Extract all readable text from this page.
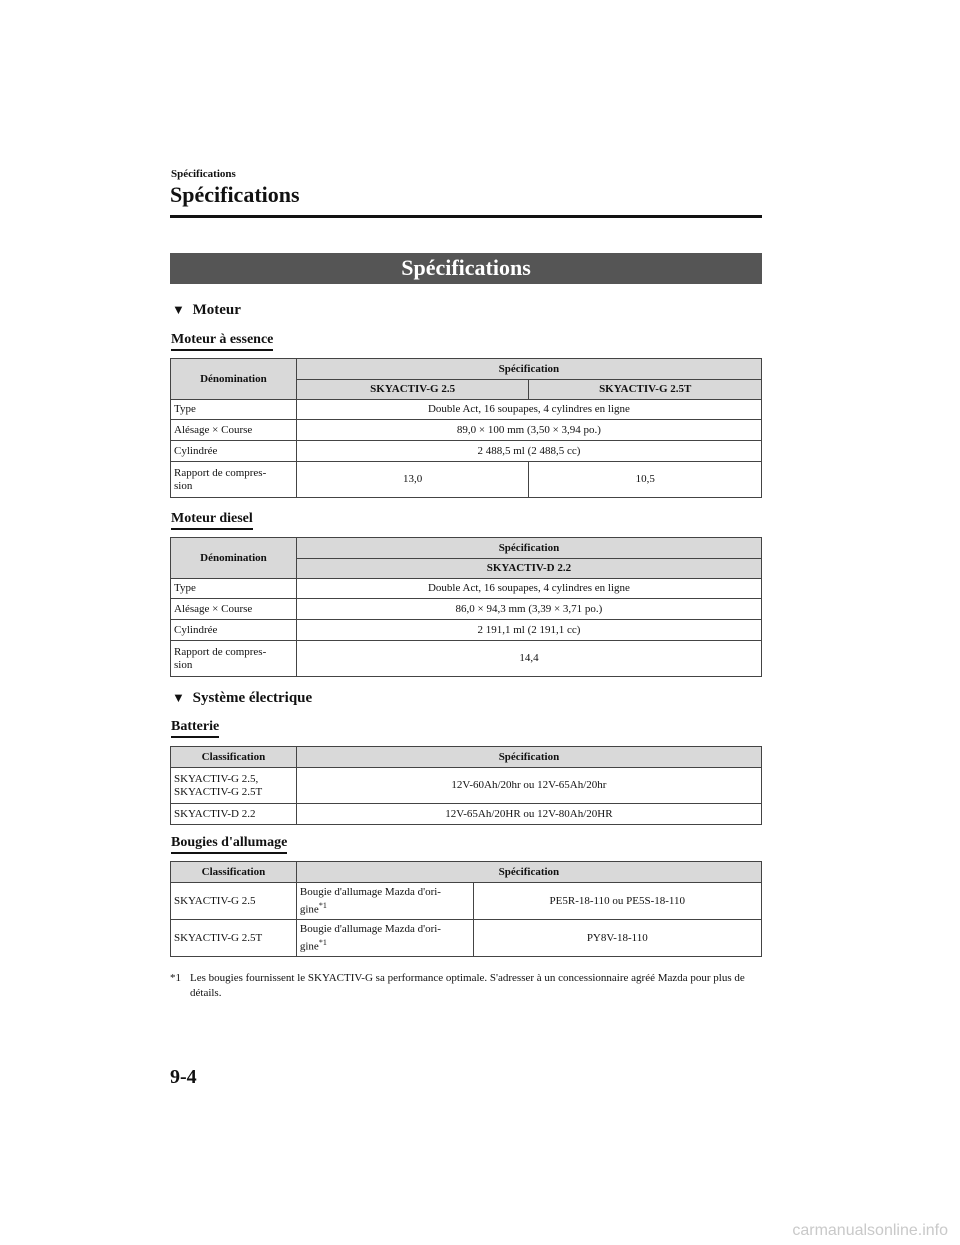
Spécifications
Spécifications
Spécifications
▼ Moteur
Moteur à essence
Dénomination	Spécification	
	SKYACTIV-G 2.5	SKYACTIV-G 2.5T
Type	Double Act, 16 soupapes, 4 cylindres en ligne	
Alésage × Course	89,0 × 100 mm (3,50 × 3,94 po.)	
Cylindrée	2 488,5 ml (2 488,5 cc)	
Rapport de compres-
sion	13,0	10,5
Moteur diesel
Dénomination	Spécification
	SKYACTIV-D 2.2
Type	Double Act, 16 soupapes, 4 cylindres en ligne
Alésage × Course	86,0 × 94,3 mm (3,39 × 3,71 po.)
Cylindrée	2 191,1 ml (2 191,1 cc)
Rapport de compres-
sion	14,4
▼ Système électrique
Batterie
Classification	Spécification
SKYACTIV-G 2.5,
SKYACTIV-G 2.5T	12V-60Ah/20hr ou 12V-65Ah/20hr
SKYACTIV-D 2.2	12V-65Ah/20HR ou 12V-80Ah/20HR
Bougies d'allumage
Classification	Spécification	
SKYACTIV-G 2.5	Bougie d'allumage Mazda d'ori-
gine$^{*1}$	PE5R-18-110 ou PE5S-18-110
SKYACTIV-G 2.5T	Bougie d'allumage Mazda d'ori-
gine$^{*1}$	PY8V-18-110
*1 Les bougies fournissent le SKYACTIV-G sa performance optimale. S'adresser à un concessionnaire agréé Mazda pour plus de détails.
9-4
carmanualsonline.info
